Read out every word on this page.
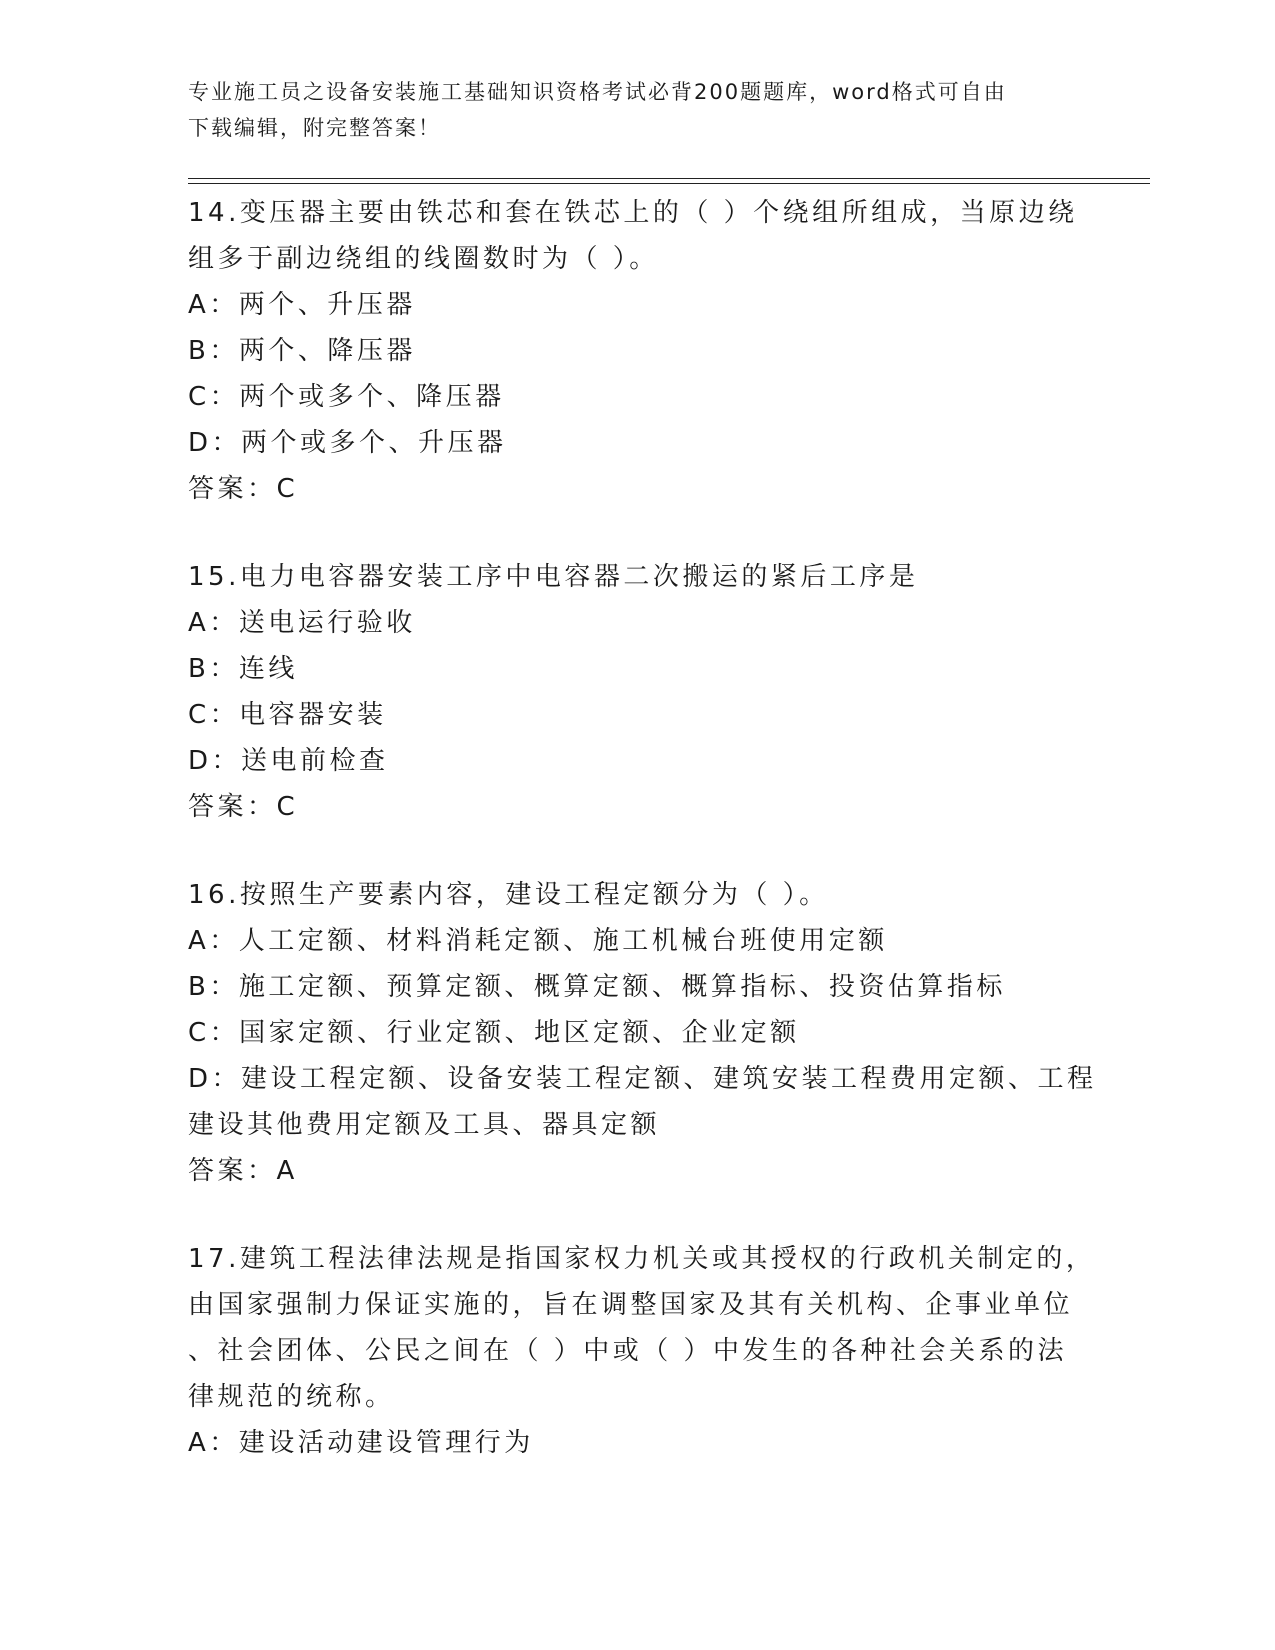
专业施工员之设备安装施工基础知识资格考试必背200题题库，word格式可自由
下载编辑，附完整答案！
14.变压器主要由铁芯和套在铁芯上的（ ）个绕组所组成，当原边绕
组多于副边绕组的线圈数时为（ ）。
A：两个、升压器
B：两个、降压器
C：两个或多个、降压器
D：两个或多个、升压器
答案：C
15.电力电容器安装工序中电容器二次搬运的紧后工序是
A：送电运行验收
B：连线
C：电容器安装
D：送电前检查
答案：C
16.按照生产要素内容，建设工程定额分为（ ）。
A：人工定额、材料消耗定额、施工机械台班使用定额
B：施工定额、预算定额、概算定额、概算指标、投资估算指标
C：国家定额、行业定额、地区定额、企业定额
D：建设工程定额、设备安装工程定额、建筑安装工程费用定额、工程
建设其他费用定额及工具、器具定额
答案：A
17.建筑工程法律法规是指国家权力机关或其授权的行政机关制定的，
由国家强制力保证实施的，旨在调整国家及其有关机构、企事业单位
、社会团体、公民之间在（ ）中或（ ）中发生的各种社会关系的法
律规范的统称。
A：建设活动建设管理行为
